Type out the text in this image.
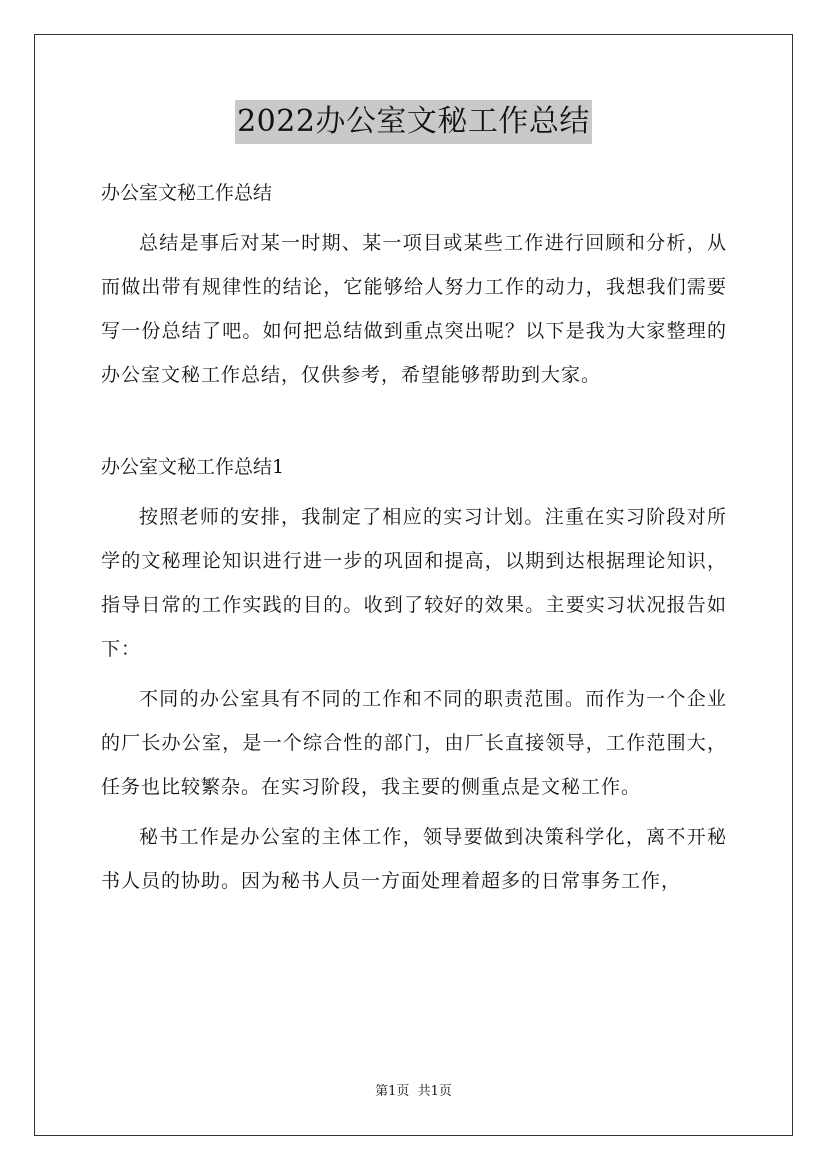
2022办公室文秘工作总结

办公室文秘工作总结

总结是事后对某一时期、某一项目或某些工作进行回顾和分析，从而做出带有规律性的结论，它能够给人努力工作的动力，我想我们需要写一份总结了吧。如何把总结做到重点突出呢？以下是我为大家整理的办公室文秘工作总结，仅供参考，希望能够帮助到大家。

办公室文秘工作总结1

按照老师的安排，我制定了相应的实习计划。注重在实习阶段对所学的文秘理论知识进行进一步的巩固和提高，以期到达根据理论知识，指导日常的工作实践的目的。收到了较好的效果。主要实习状况报告如下：

不同的办公室具有不同的工作和不同的职责范围。而作为一个企业的厂长办公室，是一个综合性的部门，由厂长直接领导，工作范围大，任务也比较繁杂。在实习阶段，我主要的侧重点是文秘工作。

秘书工作是办公室的主体工作，领导要做到决策科学化，离不开秘书人员的协助。因为秘书人员一方面处理着超多的日常事务工作，

第1页  共1页
